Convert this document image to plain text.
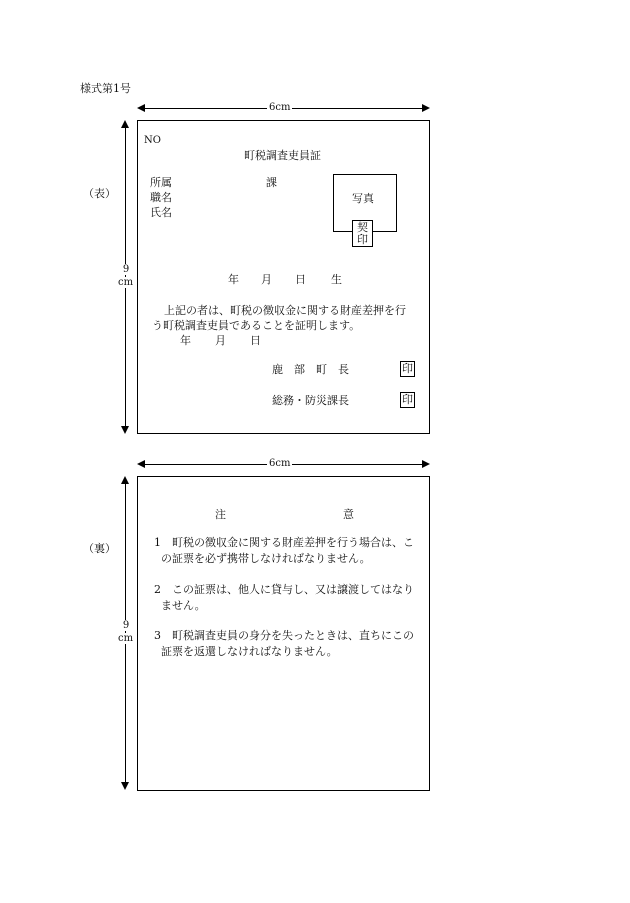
様式第1号
6cm
9
cm
（表）
NO
町税調査吏員証
所属	課
職名
氏名
写真
契
印
年 月 日 生
上記の者は、町税の徴収金に関する財産差押を行
う町税調査吏員であることを証明します。
年 月 日
鹿　部　町　長	印
総務・防災課長	印
6cm
9
cm
（裏）
注	意
1　 町税の徴収金に関する財産差押を行う場合は、こ
の証票を必ず携帯しなければなりません。
2　 この証票は、他人に貸与し、又は譲渡してはなり
ません。
3　 町税調査吏員の身分を失ったときは、直ちにこの
証票を返還しなければなりません。
